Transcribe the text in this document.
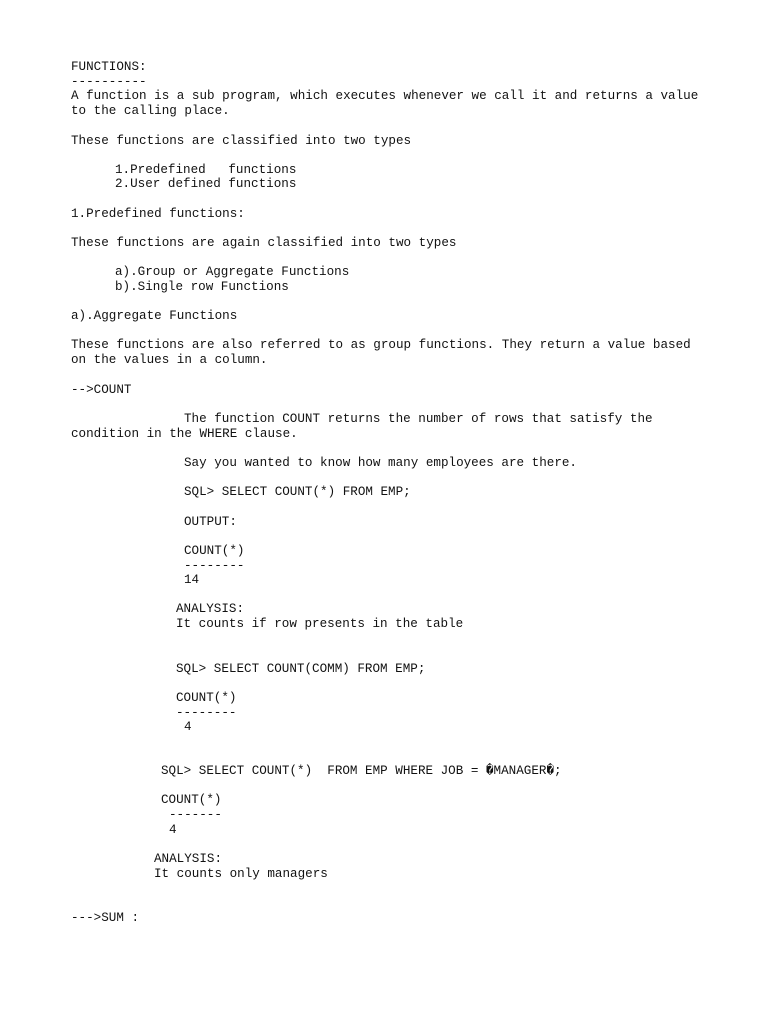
FUNCTIONS:
----------
A function is a sub program, which executes whenever we call it and returns a value
to the calling place.
These functions are classified into two types
1.Predefined   functions
2.User defined functions
1.Predefined functions:
These functions are again classified into two types
a).Group or Aggregate Functions
b).Single row Functions
a).Aggregate Functions
These functions are also referred to as group functions. They return a value based
on the values in a column.
-->COUNT
The function COUNT returns the number of rows that satisfy the
condition in the WHERE clause.
Say you wanted to know how many employees are there.
SQL> SELECT COUNT(*) FROM EMP;
OUTPUT:
COUNT(*)
--------
14
ANALYSIS:
It counts if row presents in the table
SQL> SELECT COUNT(COMM) FROM EMP;
COUNT(*)
--------
4
SQL> SELECT COUNT(*)  FROM EMP WHERE JOB = �MANAGER�;
COUNT(*)
-------
4
ANALYSIS:
It counts only managers
--->SUM :
